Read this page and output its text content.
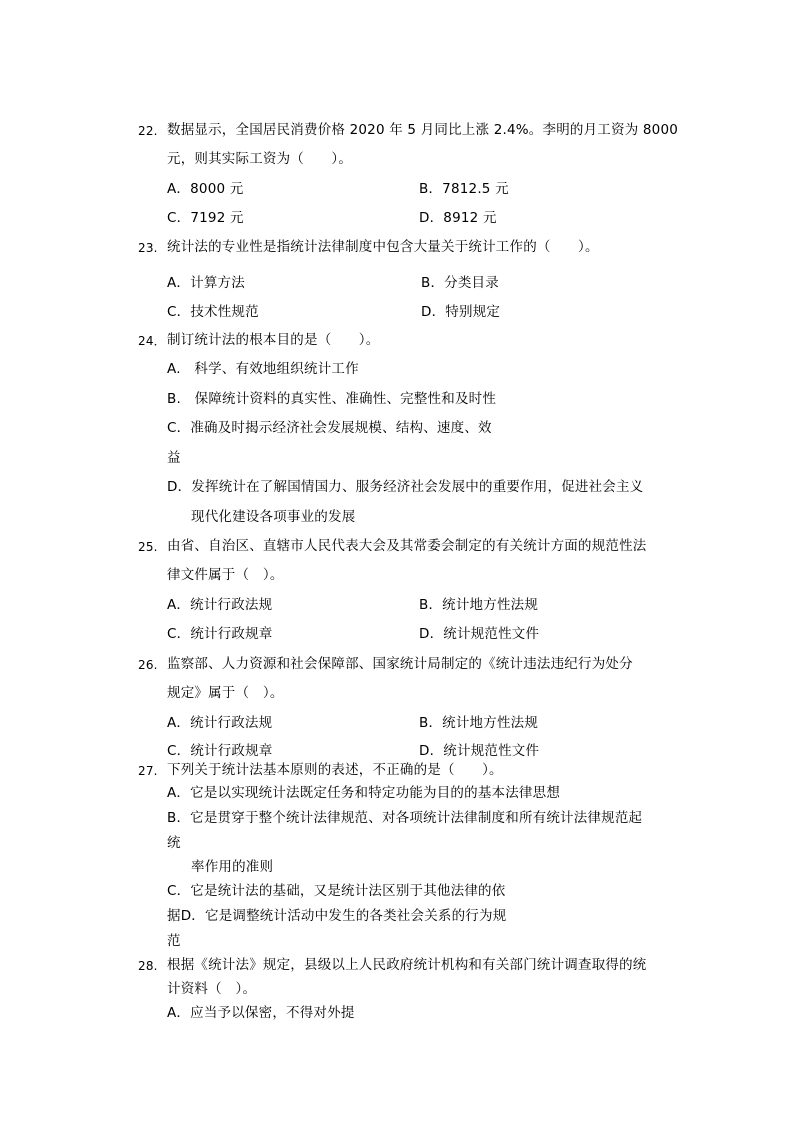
22. 数据显示，全国居民消费价格 2020 年 5 月同比上涨 2.4%。李明的月工资为 8000
元，则其实际工资为（　　）。
A．8000 元	B．7812.5 元
C．7192 元	D．8912 元
23. 统计法的专业性是指统计法律制度中包含大量关于统计工作的（　　）。
A．计算方法	B．分类目录
C．技术性规范	D．特别规定
24． 制订统计法的根本目的是（　　）。
A.　科学、有效地组织统计工作
B.　保障统计资料的真实性、准确性、完整性和及时性
C．准确及时揭示经济社会发展规模、结构、速度、效
益
D．发挥统计在了解国情国力、服务经济社会发展中的重要作用，促进社会主义
现代化建设各项事业的发展
25. 由省、自治区、直辖市人民代表大会及其常委会制定的有关统计方面的规范性法
律文件属于（　）。
A．统计行政法规	B．统计地方性法规
C．统计行政规章	D．统计规范性文件
26. 监察部、人力资源和社会保障部、国家统计局制定的《统计违法违纪行为处分
规定》属于（　）。
A．统计行政法规	B．统计地方性法规
C．统计行政规章	D．统计规范性文件
27. 下列关于统计法基本原则的表述，不正确的是（　　）。
A．它是以实现统计法既定任务和特定功能为目的的基本法律思想
B．它是贯穿于整个统计法律规范、对各项统计法律制度和所有统计法律规范起
统
率作用的准则
C．它是统计法的基础，又是统计法区别于其他法律的依
据D．它是调整统计活动中发生的各类社会关系的行为规
范
28. 根据《统计法》规定，县级以上人民政府统计机构和有关部门统计调查取得的统
计资料（　）。
A．应当予以保密，不得对外提
